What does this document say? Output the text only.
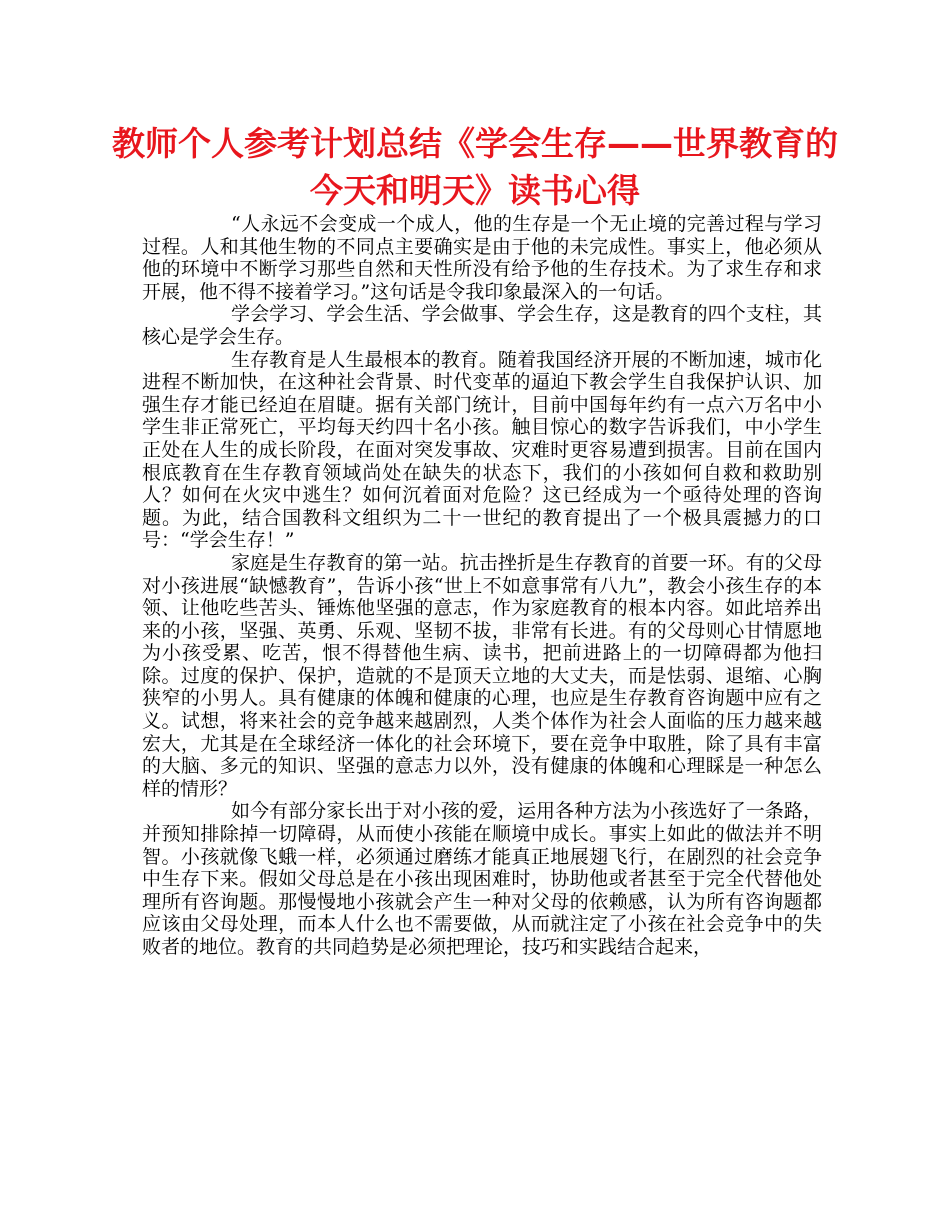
教师个人参考计划总结《学会生存——世界教育的今天和明天》读书心得

“人永远不会变成一个成人，他的生存是一个无止境的完善过程与学习过程。人和其他生物的不同点主要确实是由于他的未完成性。事实上，他必须从他的环境中不断学习那些自然和天性所没有给予他的生存技术。为了求生存和求开展，他不得不接着学习。”这句话是令我印象最深入的一句话。

学会学习、学会生活、学会做事、学会生存，这是教育的四个支柱，其核心是学会生存。

生存教育是人生最根本的教育。随着我国经济开展的不断加速，城市化进程不断加快，在这种社会背景、时代变革的逼迫下教会学生自我保护认识、加强生存才能已经迫在眉睫。据有关部门统计，目前中国每年约有一点六万名中小学生非正常死亡，平均每天约四十名小孩。触目惊心的数字告诉我们，中小学生正处在人生的成长阶段，在面对突发事故、灾难时更容易遭到损害。目前在国内根底教育在生存教育领域尚处在缺失的状态下，我们的小孩如何自救和救助别人？如何在火灾中逃生？如何沉着面对危险？这已经成为一个亟待处理的咨询题。为此，结合国教科文组织为二十一世纪的教育提出了一个极具震撼力的口号：“学会生存！”

家庭是生存教育的第一站。抗击挫折是生存教育的首要一环。有的父母对小孩进展“缺憾教育”，告诉小孩“世上不如意事常有八九”，教会小孩生存的本领、让他吃些苦头、锤炼他坚强的意志，作为家庭教育的根本内容。如此培养出来的小孩，坚强、英勇、乐观、坚韧不拔，非常有长进。有的父母则心甘情愿地为小孩受累、吃苦，恨不得替他生病、读书，把前进路上的一切障碍都为他扫除。过度的保护、保护，造就的不是顶天立地的大丈夫，而是怯弱、退缩、心胸狭窄的小男人。具有健康的体魄和健康的心理，也应是生存教育咨询题中应有之义。试想，将来社会的竞争越来越剧烈，人类个体作为社会人面临的压力越来越宏大，尤其是在全球经济一体化的社会环境下，要在竞争中取胜，除了具有丰富的大脑、多元的知识、坚强的意志力以外，没有健康的体魄和心理睬是一种怎么样的情形？

如今有部分家长出于对小孩的爱，运用各种方法为小孩选好了一条路，并预知排除掉一切障碍，从而使小孩能在顺境中成长。事实上如此的做法并不明智。小孩就像飞蛾一样，必须通过磨练才能真正地展翅飞行，在剧烈的社会竞争中生存下来。假如父母总是在小孩出现困难时，协助他或者甚至于完全代替他处理所有咨询题。那慢慢地小孩就会产生一种对父母的依赖感，认为所有咨询题都应该由父母处理，而本人什么也不需要做，从而就注定了小孩在社会竞争中的失败者的地位。教育的共同趋势是必须把理论，技巧和实践结合起来，
